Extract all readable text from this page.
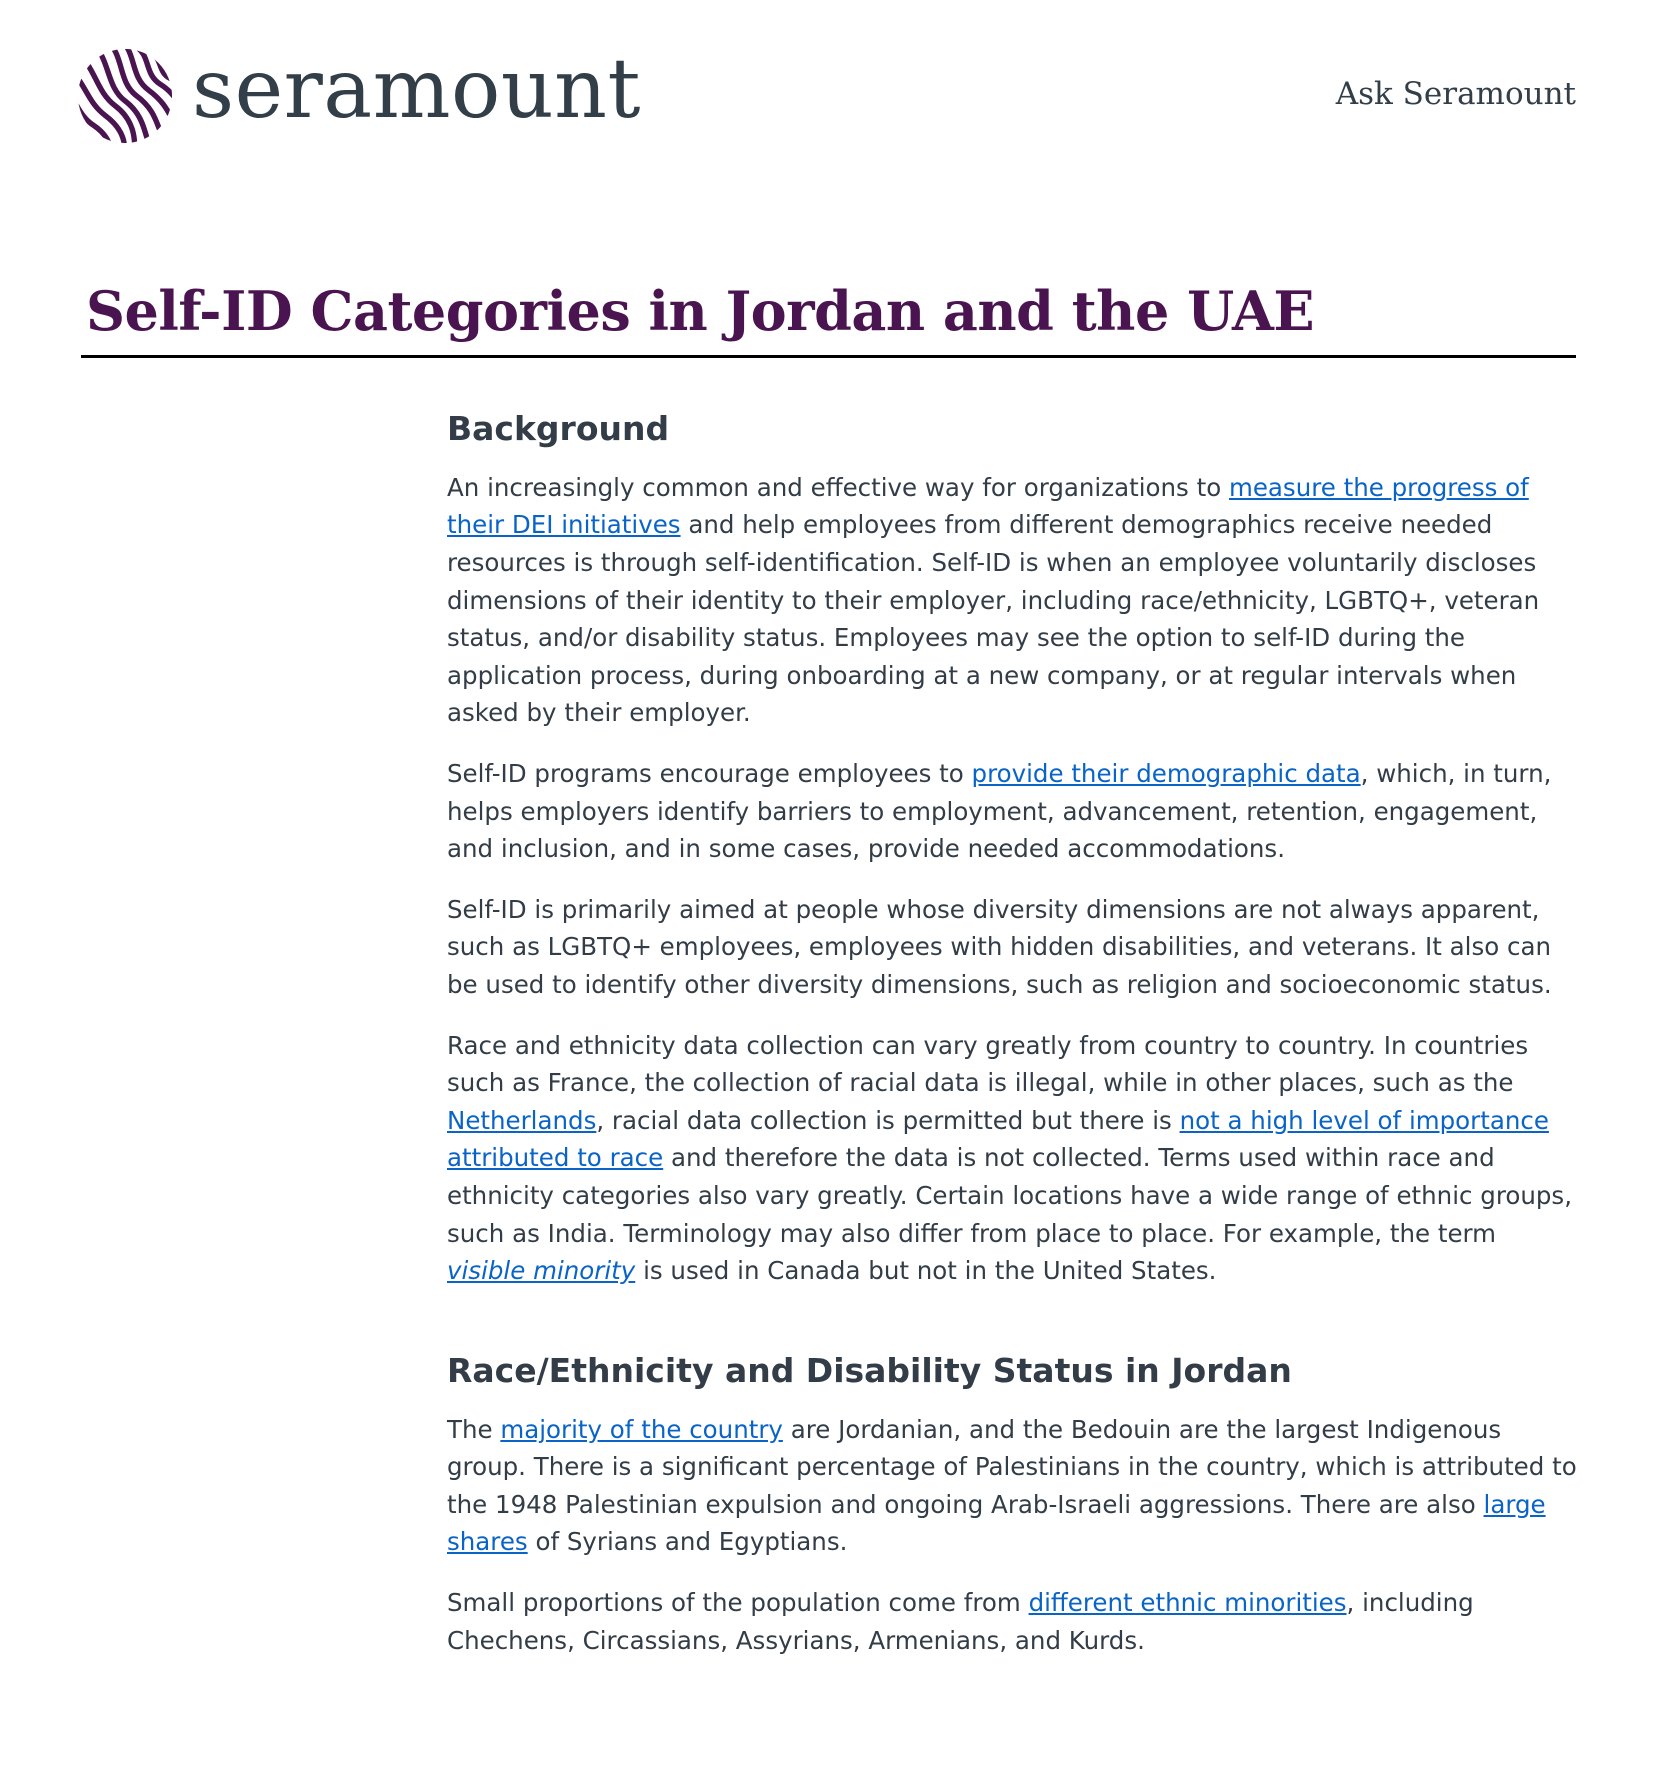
seramount	Ask Seramount
Self-ID Categories in Jordan and the UAE
Background

An increasingly common and effective way for organizations to measure the progress of their DEI initiatives and help employees from different demographics receive needed resources is through self-identification. Self-ID is when an employee voluntarily discloses dimensions of their identity to their employer, including race/ethnicity, LGBTQ+, veteran status, and/or disability status. Employees may see the option to self-ID during the application process, during onboarding at a new company, or at regular intervals when asked by their employer.

Self-ID programs encourage employees to provide their demographic data, which, in turn, helps employers identify barriers to employment, advancement, retention, engagement, and inclusion, and in some cases, provide needed accommodations.

Self-ID is primarily aimed at people whose diversity dimensions are not always apparent, such as LGBTQ+ employees, employees with hidden disabilities, and veterans. It also can be used to identify other diversity dimensions, such as religion and socioeconomic status.

Race and ethnicity data collection can vary greatly from country to country. In countries such as France, the collection of racial data is illegal, while in other places, such as the Netherlands, racial data collection is permitted but there is not a high level of importance attributed to race and therefore the data is not collected. Terms used within race and ethnicity categories also vary greatly. Certain locations have a wide range of ethnic groups, such as India. Terminology may also differ from place to place. For example, the term visible minority is used in Canada but not in the United States.

Race/Ethnicity and Disability Status in Jordan

The majority of the country are Jordanian, and the Bedouin are the largest Indigenous group. There is a significant percentage of Palestinians in the country, which is attributed to the 1948 Palestinian expulsion and ongoing Arab-Israeli aggressions. There are also large shares of Syrians and Egyptians.

Small proportions of the population come from different ethnic minorities, including Chechens, Circassians, Assyrians, Armenians, and Kurds.
